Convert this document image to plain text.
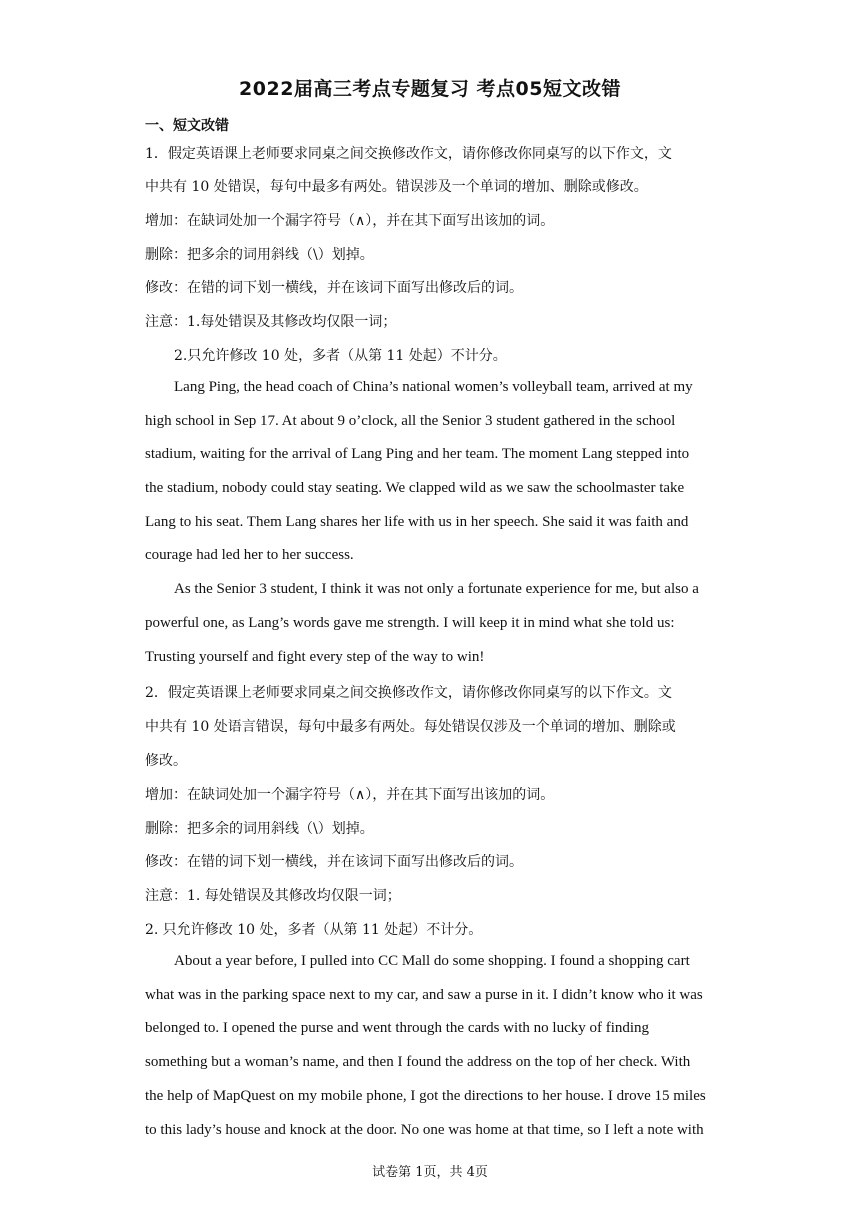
2022届高三考点专题复习 考点05短文改错
一、短文改错
1．假定英语课上老师要求同桌之间交换修改作文，请你修改你同桌写的以下作文，文
中共有 10 处错误，每句中最多有两处。错误涉及一个单词的增加、删除或修改。
增加：在缺词处加一个漏字符号（∧），并在其下面写出该加的词。
删除：把多余的词用斜线（\）划掉。
修改：在错的词下划一横线，并在该词下面写出修改后的词。
注意：1.每处错误及其修改均仅限一词；
2.只允许修改 10 处，多者（从第 11 处起）不计分。
Lang Ping, the head coach of China’s national women’s volleyball team, arrived at my
high school in Sep 17. At about 9 o’clock, all the Senior 3 student gathered in the school
stadium, waiting for the arrival of Lang Ping and her team. The moment Lang stepped into
the stadium, nobody could stay seating. We clapped wild as we saw the schoolmaster take
Lang to his seat. Them Lang shares her life with us in her speech. She said it was faith and
courage had led her to her success.
As the Senior 3 student, I think it was not only a fortunate experience for me, but also a
powerful one, as Lang’s words gave me strength. I will keep it in mind what she told us:
Trusting yourself and fight every step of the way to win!
2．假定英语课上老师要求同桌之间交换修改作文，请你修改你同桌写的以下作文。文
中共有 10 处语言错误，每句中最多有两处。每处错误仅涉及一个单词的增加、删除或
修改。
增加：在缺词处加一个漏字符号（∧），并在其下面写出该加的词。
删除：把多余的词用斜线（\）划掉。
修改：在错的词下划一横线，并在该词下面写出修改后的词。
注意：1. 每处错误及其修改均仅限一词；
2. 只允许修改 10 处，多者（从第 11 处起）不计分。
About a year before, I pulled into CC Mall do some shopping. I found a shopping cart
what was in the parking space next to my car, and saw a purse in it. I didn’t know who it was
belonged to. I opened the purse and went through the cards with no lucky of finding
something but a woman’s name, and then I found the address on the top of her check. With
the help of MapQuest on my mobile phone, I got the directions to her house. I drove 15 miles
to this lady’s house and knock at the door. No one was home at that time, so I left a note with
试卷第 1页，共 4页
